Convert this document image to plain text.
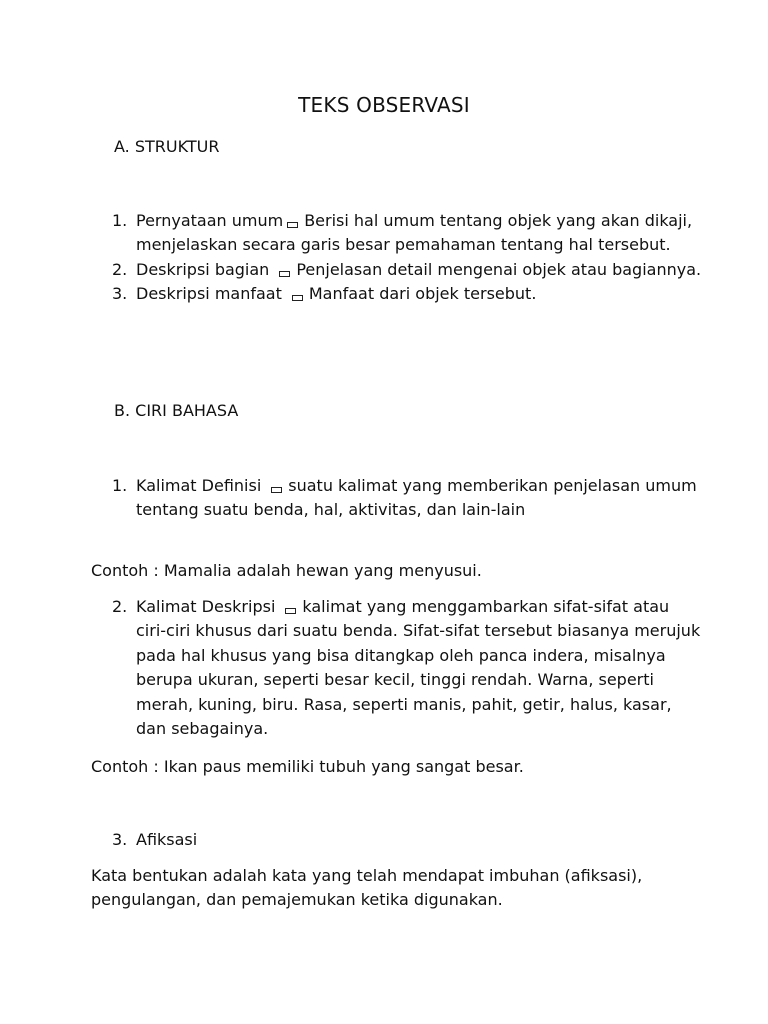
TEKS OBSERVASI
A. STRUKTUR
1. Pernyataan umum Berisi hal umum tentang objek yang akan dikaji, menjelaskan secara garis besar pemahaman tentang hal tersebut.
2. Deskripsi bagian Penjelasan detail mengenai objek atau bagiannya.
3. Deskripsi manfaat Manfaat dari objek tersebut.
B. CIRI BAHASA
1. Kalimat Definisi suatu kalimat yang memberikan penjelasan umum tentang suatu benda, hal, aktivitas, dan lain-lain
Contoh : Mamalia adalah hewan yang menyusui.
2. Kalimat Deskripsi kalimat yang menggambarkan sifat-sifat atau ciri-ciri khusus dari suatu benda. Sifat-sifat tersebut biasanya merujuk pada hal khusus yang bisa ditangkap oleh panca indera, misalnya berupa ukuran, seperti besar kecil, tinggi rendah. Warna, seperti merah, kuning, biru. Rasa, seperti manis, pahit, getir, halus, kasar, dan sebagainya.
Contoh : Ikan paus memiliki tubuh yang sangat besar.
3. Afiksasi
Kata bentukan adalah kata yang telah mendapat imbuhan (afiksasi), pengulangan, dan pemajemukan ketika digunakan.
